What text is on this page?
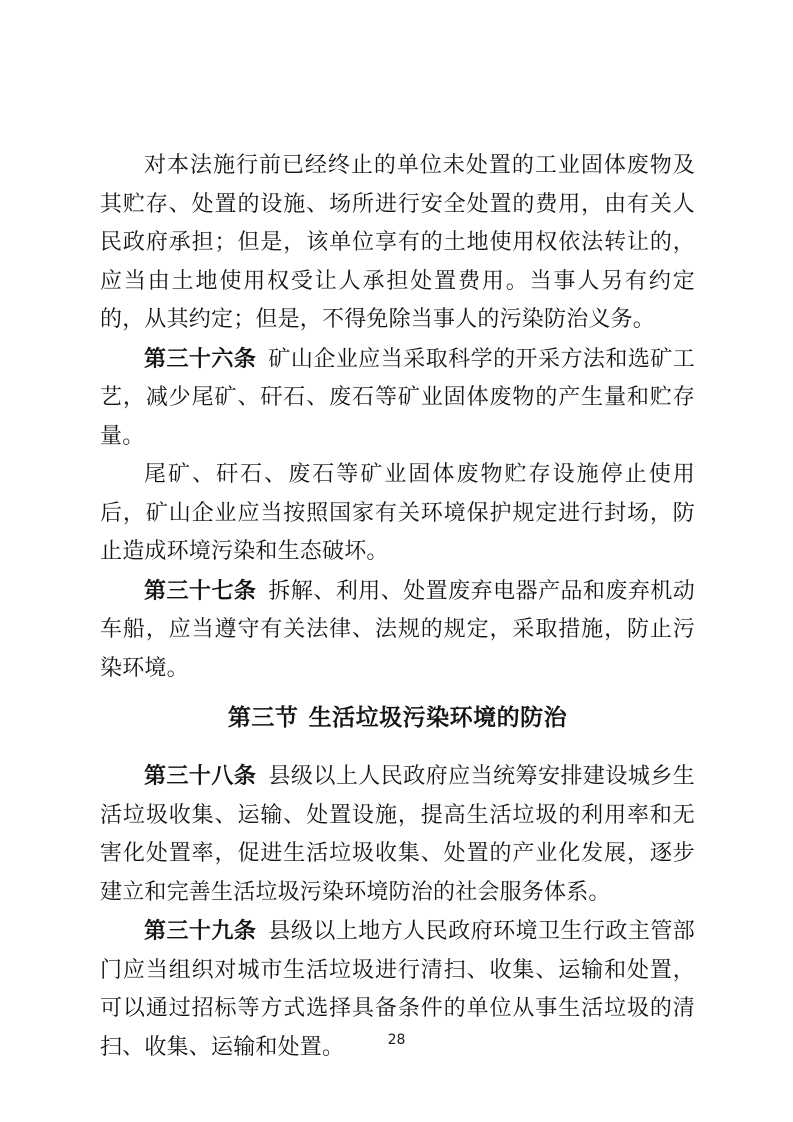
对本法施行前已经终止的单位未处置的工业固体废物及其贮存、处置的设施、场所进行安全处置的费用，由有关人民政府承担；但是，该单位享有的土地使用权依法转让的，应当由土地使用权受让人承担处置费用。当事人另有约定的，从其约定；但是，不得免除当事人的污染防治义务。

第三十六条 矿山企业应当采取科学的开采方法和选矿工艺，减少尾矿、矸石、废石等矿业固体废物的产生量和贮存量。

尾矿、矸石、废石等矿业固体废物贮存设施停止使用后，矿山企业应当按照国家有关环境保护规定进行封场，防止造成环境污染和生态破坏。

第三十七条 拆解、利用、处置废弃电器产品和废弃机动车船，应当遵守有关法律、法规的规定，采取措施，防止污染环境。

第三节 生活垃圾污染环境的防治

第三十八条 县级以上人民政府应当统筹安排建设城乡生活垃圾收集、运输、处置设施，提高生活垃圾的利用率和无害化处置率，促进生活垃圾收集、处置的产业化发展，逐步建立和完善生活垃圾污染环境防治的社会服务体系。

第三十九条 县级以上地方人民政府环境卫生行政主管部门应当组织对城市生活垃圾进行清扫、收集、运输和处置，可以通过招标等方式选择具备条件的单位从事生活垃圾的清扫、收集、运输和处置。	28
